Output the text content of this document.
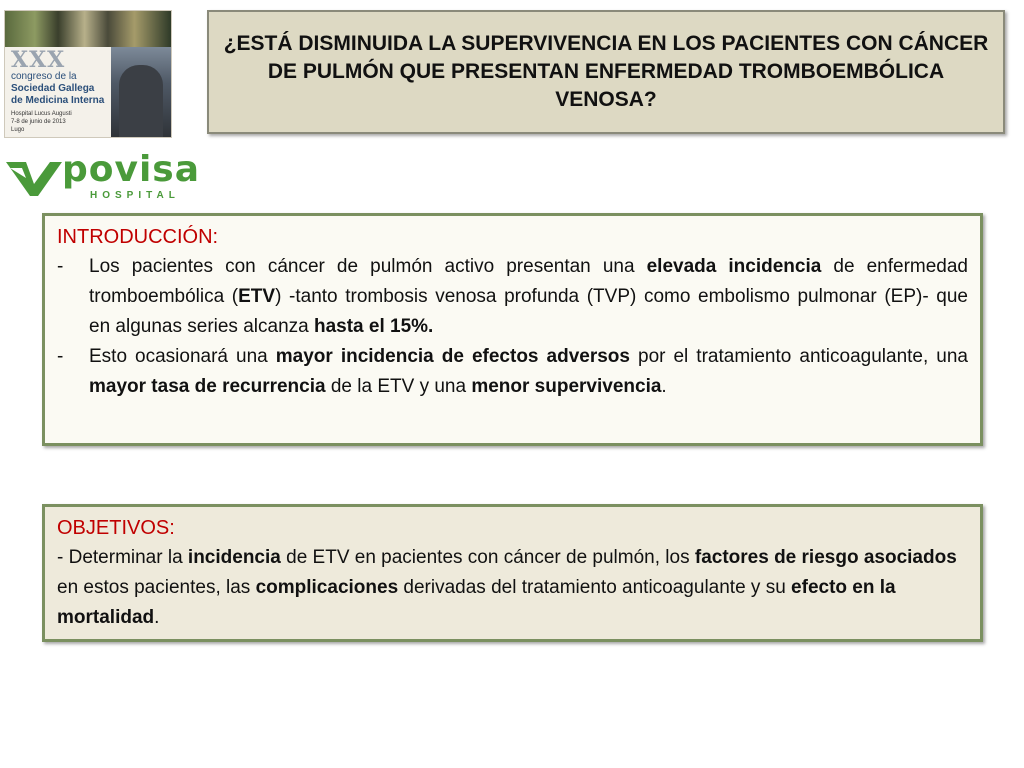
XXX
congreso de la
Sociedad Gallega
de Medicina Interna
Hospital Lucus Augusti
7-8 de junio de 2013
Lugo
povisa
HOSPITAL
¿ESTÁ DISMINUIDA LA SUPERVIVENCIA EN LOS PACIENTES CON CÁNCER DE PULMÓN QUE PRESENTAN ENFERMEDAD TROMBOEMBÓLICA VENOSA?
INTRODUCCIÓN:
- Los pacientes con cáncer de pulmón activo presentan una elevada incidencia de enfermedad tromboembólica (ETV) -tanto trombosis venosa profunda (TVP) como embolismo pulmonar (EP)- que en algunas series alcanza hasta el 15%.
- Esto ocasionará una mayor incidencia de efectos adversos por el tratamiento anticoagulante, una mayor tasa de recurrencia de la ETV y una menor supervivencia.
OBJETIVOS:
- Determinar la incidencia de ETV en pacientes con cáncer de pulmón, los factores de riesgo asociados en estos pacientes, las complicaciones derivadas del tratamiento anticoagulante y su efecto en la mortalidad.
